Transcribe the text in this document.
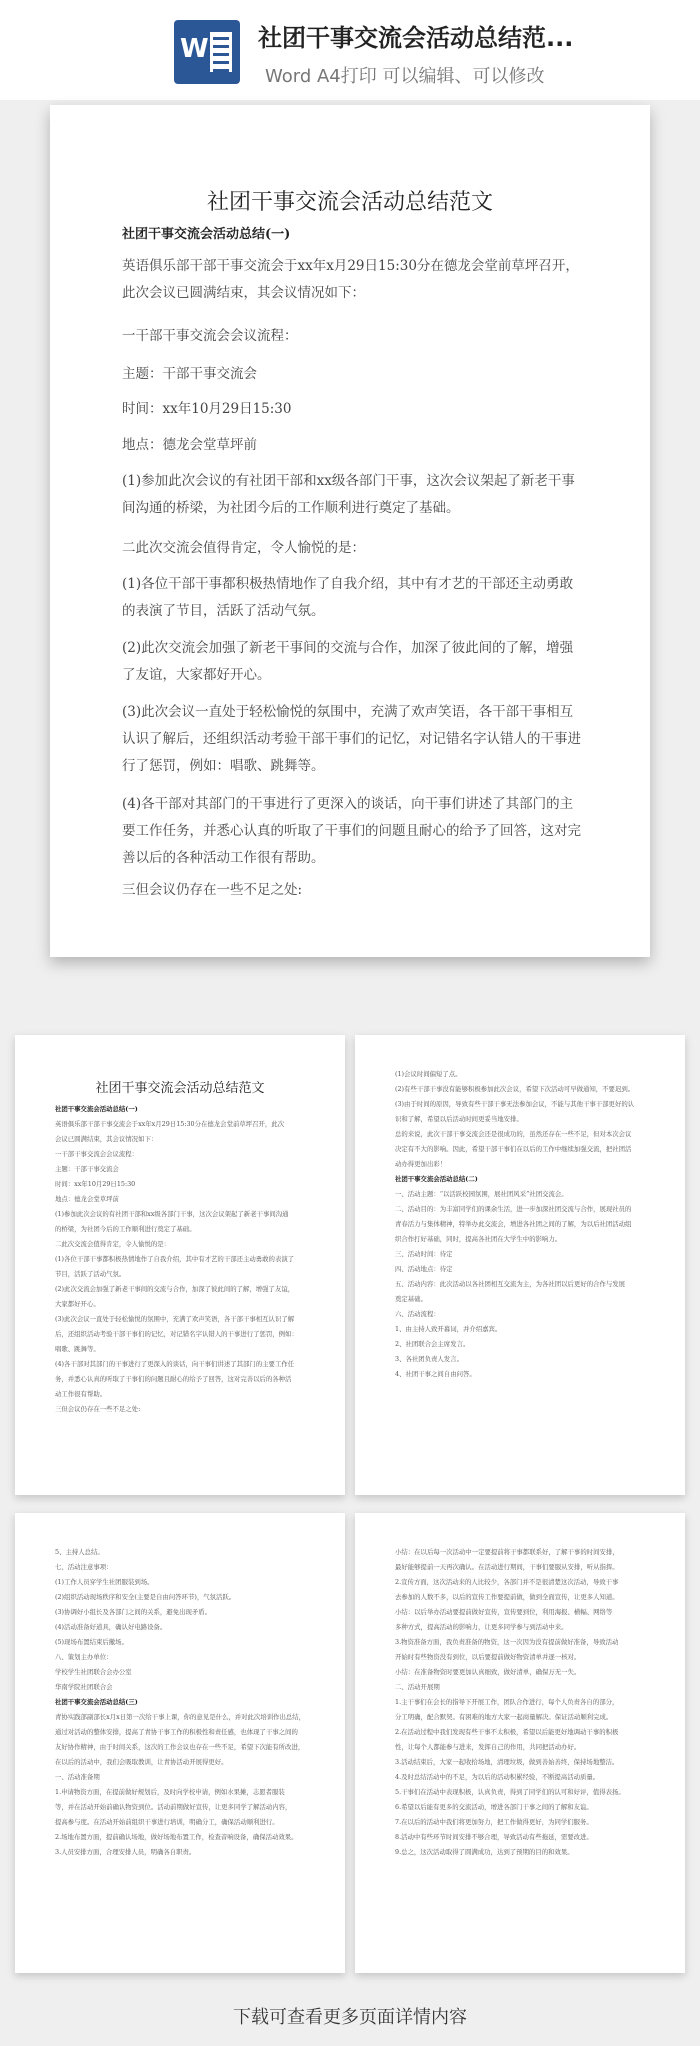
W 社团干事交流会活动总结范...
Word A4打印 可以编辑、可以修改
社团干事交流会活动总结范文
社团干事交流会活动总结(一)
英语俱乐部干部干事交流会于xx年x月29日15:30分在德龙会堂前草坪召开，此次会议已圆满结束，其会议情况如下：
一干部干事交流会会议流程：
主题：干部干事交流会
时间：xx年10月29日15:30
地点：德龙会堂草坪前
(1)参加此次会议的有社团干部和xx级各部门干事，这次会议架起了新老干事间沟通的桥梁，为社团今后的工作顺利进行奠定了基础。
二此次交流会值得肯定，令人愉悦的是：
(1)各位干部干事都积极热情地作了自我介绍，其中有才艺的干部还主动勇敢的表演了节目，活跃了活动气氛。
(2)此次交流会加强了新老干事间的交流与合作，加深了彼此间的了解，增强了友谊，大家都好开心。
(3)此次会议一直处于轻松愉悦的氛围中，充满了欢声笑语，各干部干事相互认识了解后，还组织活动考验干部干事们的记忆，对记错名字认错人的干事进行了惩罚，例如：唱歌、跳舞等。
(4)各干部对其部门的干事进行了更深入的谈话，向干事们讲述了其部门的主要工作任务，并悉心认真的听取了干事们的问题且耐心的给予了回答，这对完善以后的各种活动工作很有帮助。
三但会议仍存在一些不足之处:
社团干事交流会活动总结范文
社团干事交流会活动总结(一)
英语俱乐部干部干事交流会于xx年x月29日15:30分在德龙会堂前草坪召开，此次
会议已圆满结束，其会议情况如下：
一干部干事交流会会议流程：
主题：干部干事交流会
时间：xx年10月29日15:30
地点：德龙会堂草坪前
(1)参加此次会议的有社团干部和xx级各部门干事，这次会议架起了新老干事间沟通
的桥梁，为社团今后的工作顺利进行奠定了基础。
二此次交流会值得肯定，令人愉悦的是：
(1)各位干部干事都积极热情地作了自我介绍，其中有才艺的干部还主动勇敢的表演了
节目，活跃了活动气氛。
(2)此次交流会加强了新老干事间的交流与合作，加深了彼此间的了解，增强了友谊，
大家都好开心。
(3)此次会议一直处于轻松愉悦的氛围中，充满了欢声笑语，各干部干事相互认识了解
后，还组织活动考验干部干事们的记忆，对记错名字认错人的干事进行了惩罚，例如：
唱歌、跳舞等。
(4)各干部对其部门的干事进行了更深入的谈话，向干事们讲述了其部门的主要工作任
务，并悉心认真的听取了干事们的问题且耐心的给予了回答，这对完善以后的各种活
动工作很有帮助。
三但会议仍存在一些不足之处:
(1)会议时间偏短了点。
(2)有些干部干事没有能够积极参加此次会议，希望下次活动可早做通知，不要迟到。
(3)由于时间的原因，导致有些干部干事无法参加会议，不能与其他干事干部更好的认
识和了解，希望以后活动时间更妥当地安排。
总的来说，此次干部干事交流会还是很成功的，虽然还存在一些不足，但对本次会议
决定有不大的影响。因此，希望干部干事们在以后的工作中继续加强交流，把社团活
动办得更加出彩！
社团干事交流会活动总结(二)
一、活动主题：“以活跃校园氛围，展社团风采”社团交流会。
二、活动目的：为丰富同学们的课余生活，进一步加深社团交流与合作，展现社员的
青春活力与集体精神，特举办此交流会，增进各社团之间的了解，为以后社团活动组
织合作打好基础，同时，提高各社团在大学生中的影响力。
三、活动时间：待定
四、活动地点：待定
五、活动内容：此次活动以各社团相互交流为主，为各社团以后更好的合作与发展
奠定基础。
六、活动流程：
1、由主持人致开幕词，并介绍嘉宾。
2、社团联合会主席发言。
3、各社团负责人发言。
4、社团干事之间自由问答。
5、主持人总结。
七、活动注意事项：
(1)工作人员穿学生社团服装到场。
(2)组织活动现场秩序和安全(主要是自由问答环节)，气氛活跃。
(3)协调好小组长及各部门之间的关系，避免出现矛盾。
(4)活动准备好道具，确认好电路设备。
(5)现场布置结束后撤场。
八、策划主办单位：
学校学生社团联合会办公室
华南学院社团联合会
社团干事交流会活动总结(三)
青协实践部副部长x月x日第一次给干事上课，你的意见是什么，并对此次培训作出总结，
通过对活动的整体安排，提高了青协干事工作的积极性和责任感，也体现了干事之间的
友好协作精神，由于时间关系，这次的工作会议也存在一些不足，希望下次能有所改进，
在以后的活动中，我们会吸取教训，让青协活动开展得更好。
一、活动准备期
1.申请物资方面，在提前做好规划后，及时向学校申请，例如水果摊，志愿者服装
等，并在活动开始前确认物资到位。活动前期做好宣传，让更多同学了解活动内容，
提高参与度。在活动开始前组织干事进行培训，明确分工，确保活动顺利进行。
2.场地布置方面，提前确认场地，做好场地布置工作，检查音响设备，确保活动效果。
3.人员安排方面，合理安排人员，明确各自职责。
小结：在以后每一次活动中一定要提前将干事都联系好，了解干事的时间安排，
最好能够提前一天再次确认。在活动进行期间，干事们要服从安排，听从指挥。
2.宣传方面，这次活动来的人比较少，各部门并不是很清楚这次活动，导致干事
去参加的人数不多，以后的宣传工作要提前做，做到全面宣传，让更多人知道。
小结：以后举办活动要提前做好宣传，宣传要到位，利用海报、横幅、网络等
多种方式，提高活动的影响力，让更多同学参与到活动中来。
3.物资准备方面，我负责准备的物资，这一次因为没有提前做好准备，导致活动
开始时有些物资没有到位，以后要提前做好物资清单并逐一核对。
小结：在准备物资时要更加认真细致，做好清单，确保万无一失。
二、活动开展期
1.主干事们在会长的指导下开展工作，团队合作进行，每个人负责各自的部分，
分工明确，配合默契。有困难的地方大家一起商量解决。保证活动顺利完成。
2.在活动过程中我们发现有些干事不太积极，希望以后能更好地调动干事的积极
性，让每个人都能参与进来，发挥自己的作用，共同把活动办好。
3.活动结束后，大家一起收拾场地，清理垃圾，做到善始善终，保持场地整洁。
4.及时总结活动中的不足，为以后的活动积累经验，不断提高活动质量。
5.干事们在活动中表现积极，认真负责，得到了同学们的认可和好评，值得表扬。
6.希望以后能有更多的交流活动，增进各部门干事之间的了解和友谊。
7.在以后的活动中我们将更加努力，把工作做得更好，为同学们服务。
8.活动中有些环节时间安排不够合理，导致活动有些拖延，需要改进。
9.总之，这次活动取得了圆满成功，达到了预期的目的和效果。
下载可查看更多页面详情内容
